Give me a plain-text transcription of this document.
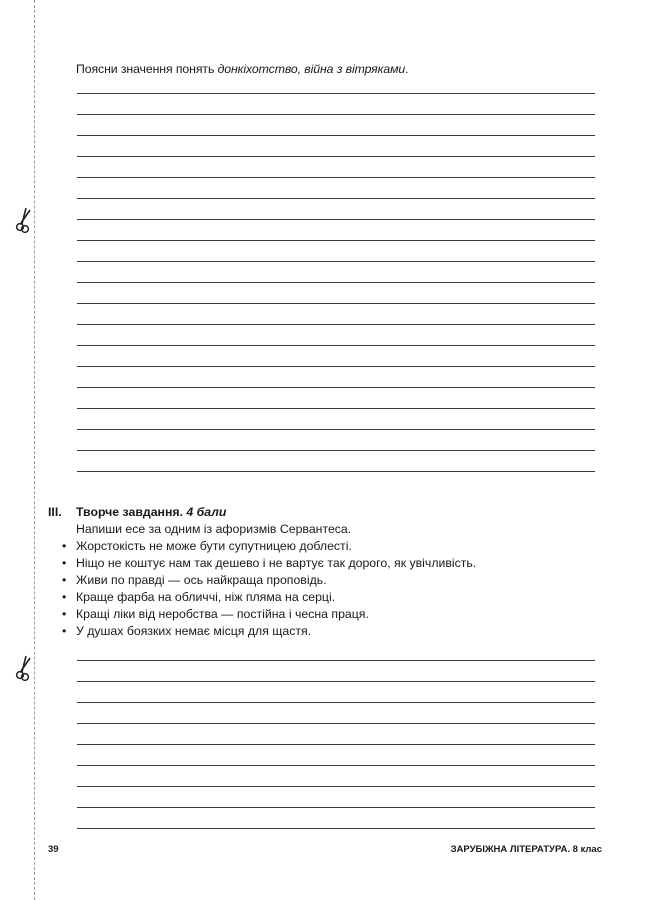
Поясни значення понять донкіхотство, війна з вітряками.
III. Творче завдання. 4 бали
Напиши есе за одним із афоризмів Сервантеса.
• Жорстокість не може бути супутницею доблесті.
• Ніщо не коштує нам так дешево і не вартує так дорого, як увічливість.
• Живи по правді — ось найкраща проповідь.
• Краще фарба на обличчі, ніж пляма на серці.
• Кращі ліки від неробства — постійна і чесна праця.
• У душах боязких немає місця для щастя.
39	ЗАРУБІЖНА ЛІТЕРАТУРА. 8 клас
